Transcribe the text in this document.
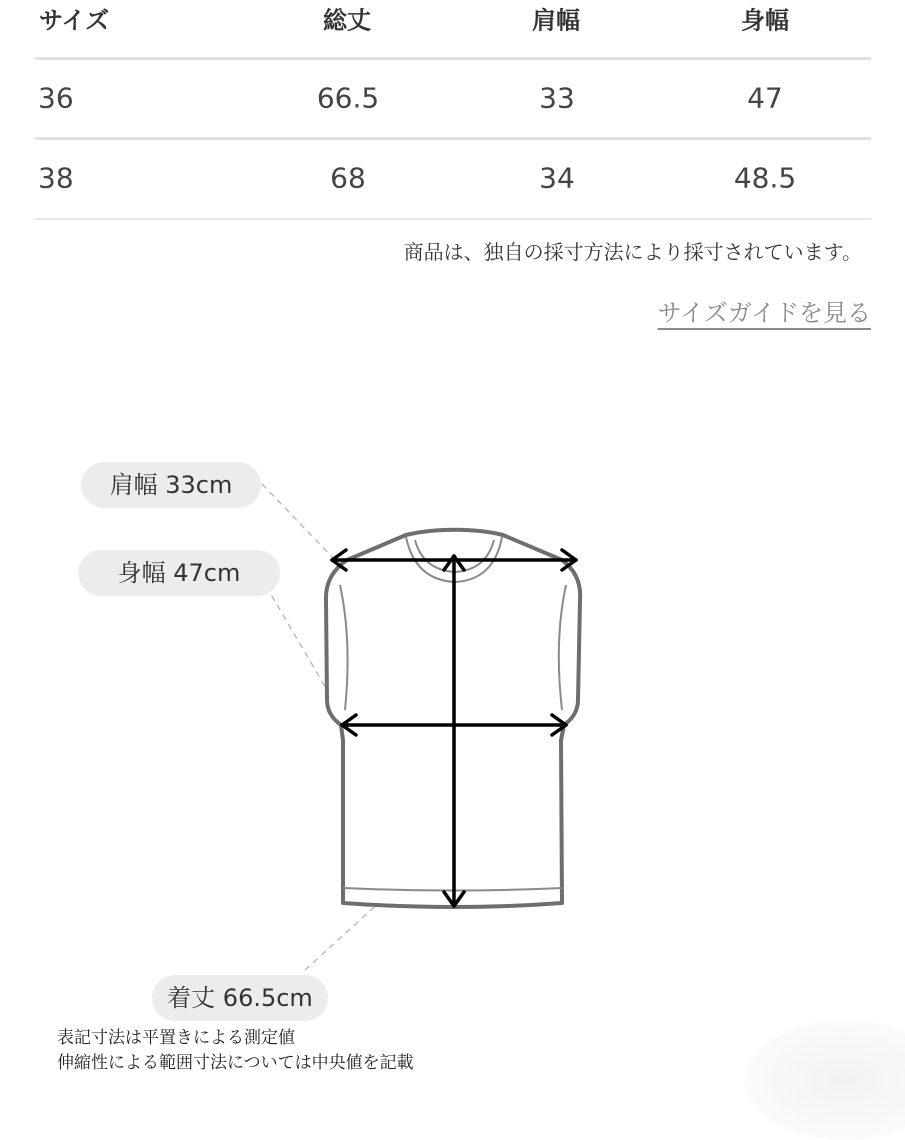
サイズ	総丈	肩幅	身幅
36	66.5	33	47
38	68	34	48.5
商品は、独自の採寸方法により採寸されています。
サイズガイドを見る
肩幅 33cm
身幅 47cm
着丈 66.5cm
表記寸法は平置きによる測定値
伸縮性による範囲寸法については中央値を記載
